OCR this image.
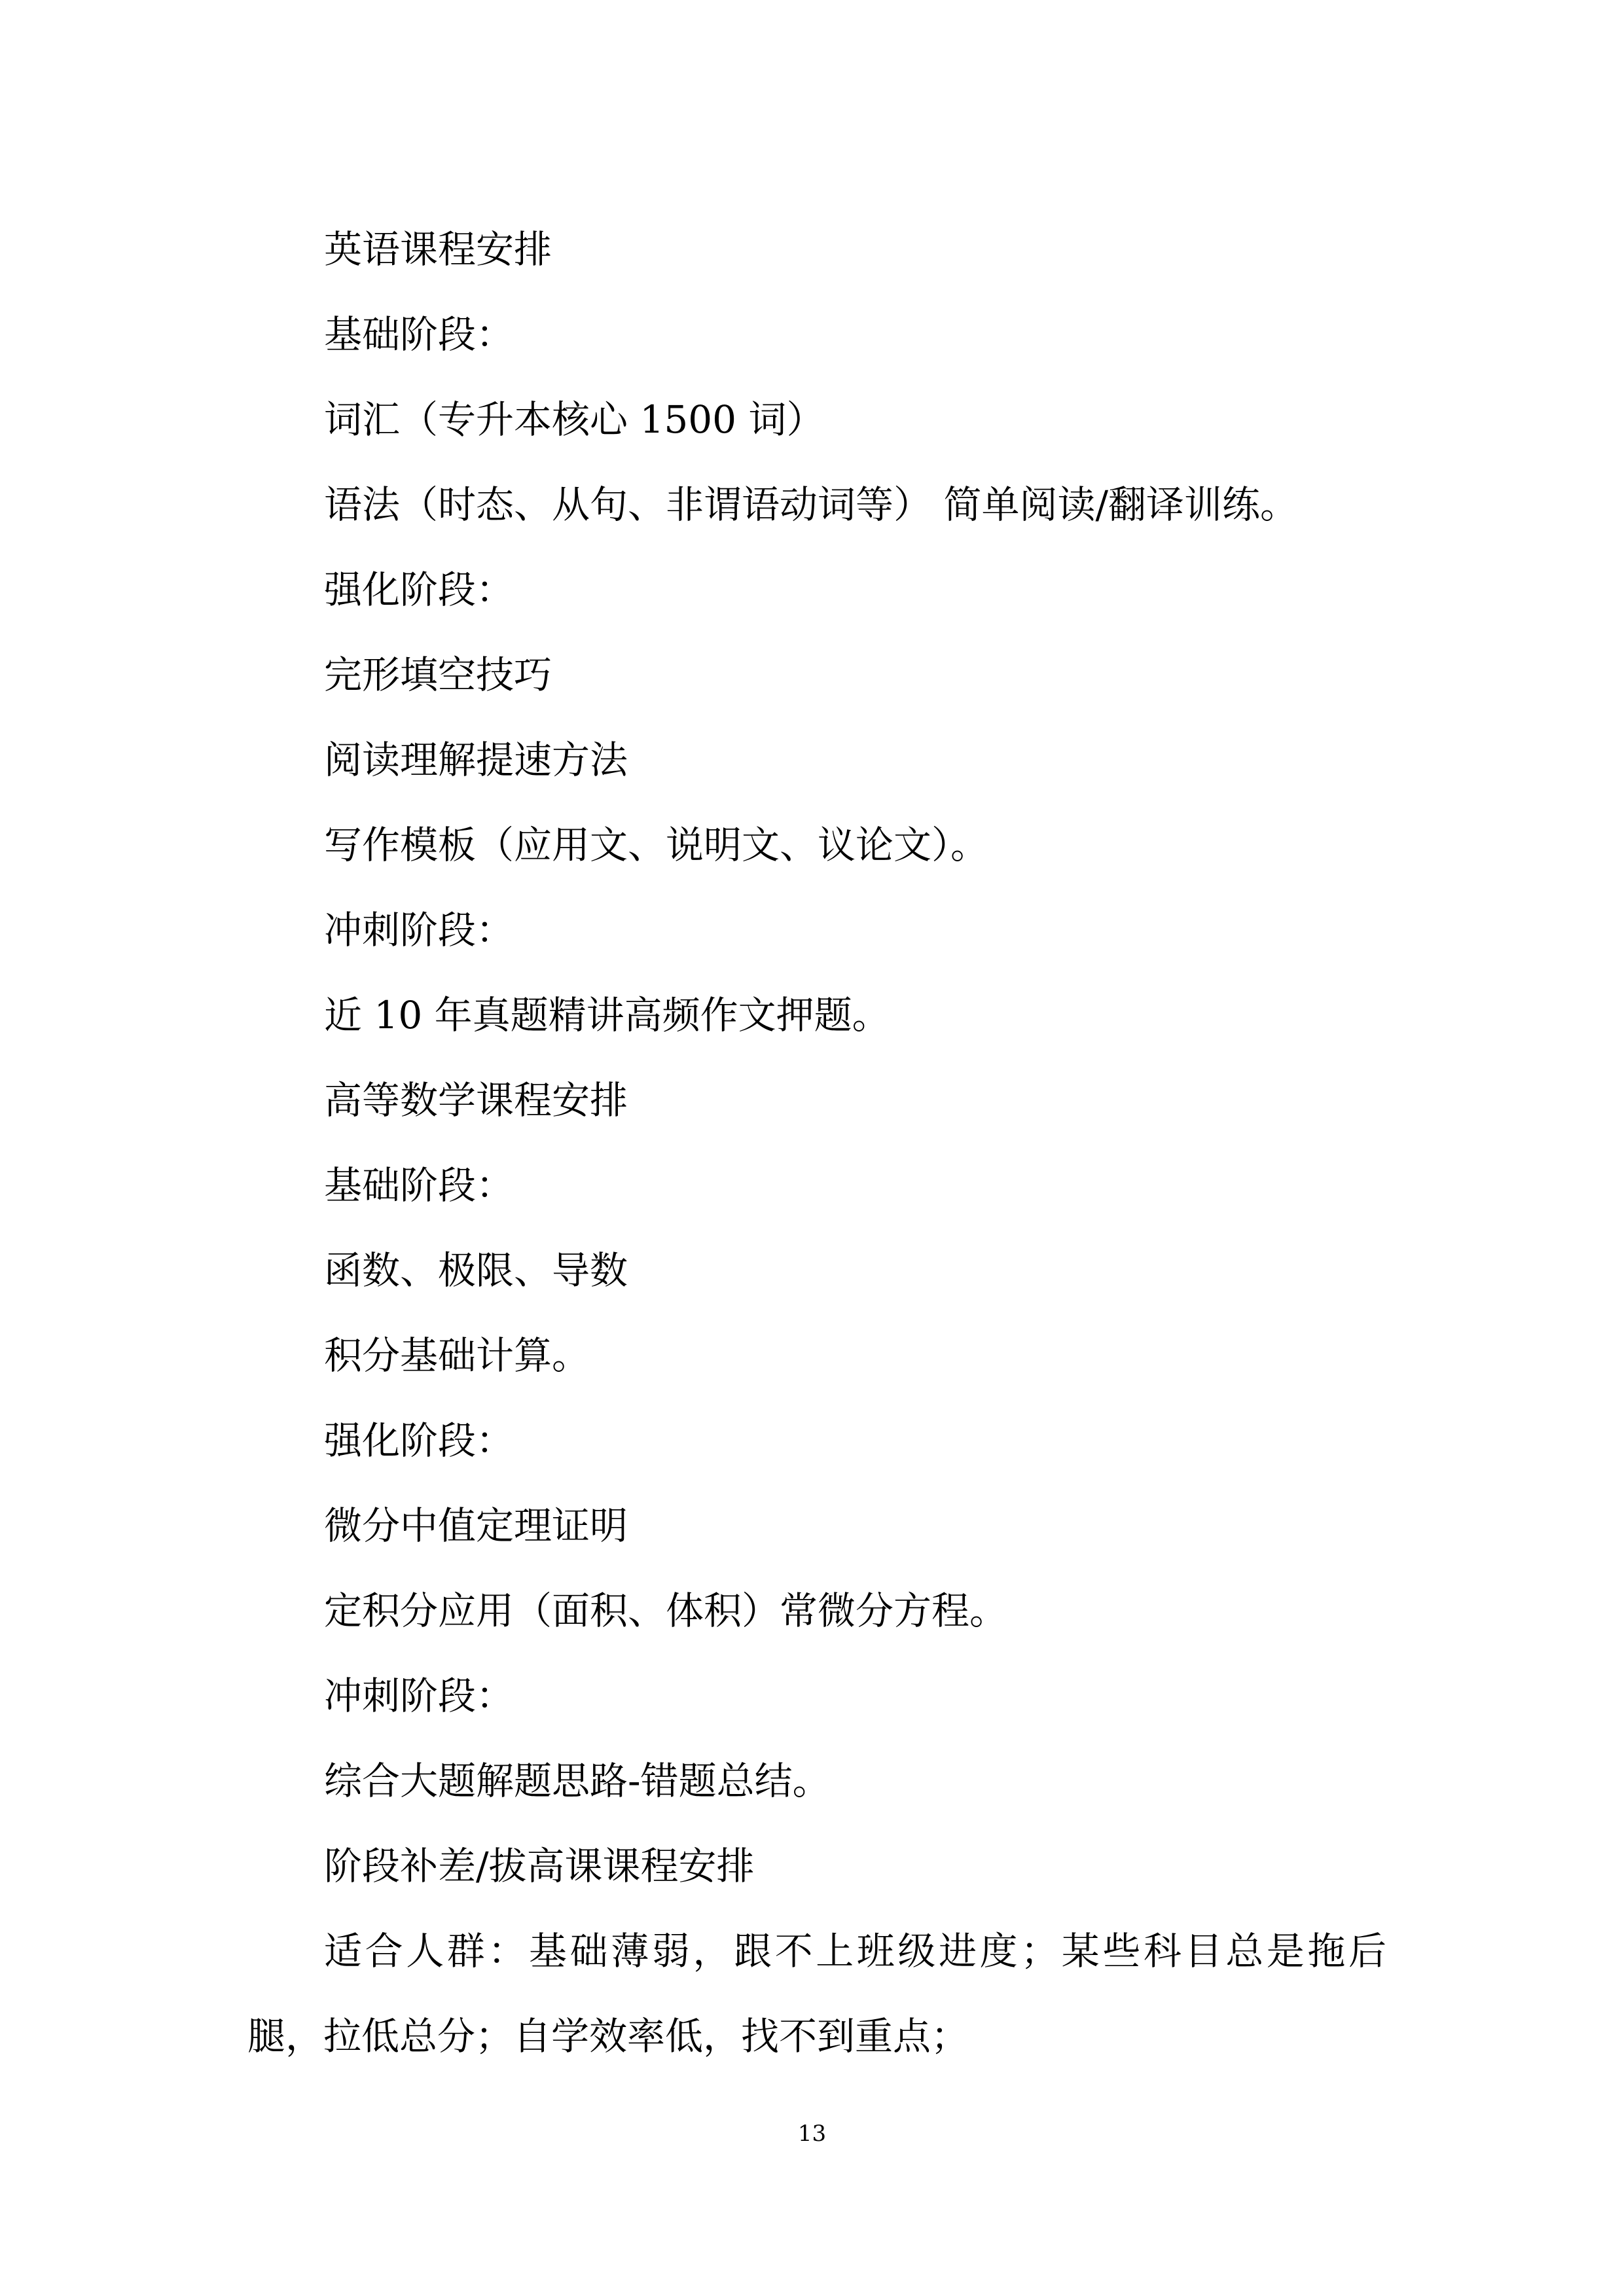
英语课程安排
基础阶段：
词汇（专升本核心 1500 词）
语法（时态、从句、非谓语动词等） 简单阅读/翻译训练。
强化阶段：
完形填空技巧
阅读理解提速方法
写作模板（应用文、说明文、议论文）。
冲刺阶段：
近 10 年真题精讲高频作文押题。
高等数学课程安排
基础阶段：
函数、极限、导数
积分基础计算。
强化阶段：
微分中值定理证明
定积分应用（面积、体积）常微分方程。
冲刺阶段：
综合大题解题思路-错题总结。
阶段补差/拔高课课程安排
适合人群：基础薄弱，跟不上班级进度；某些科目总是拖后腿，拉低总分；自学效率低，找不到重点；
13
